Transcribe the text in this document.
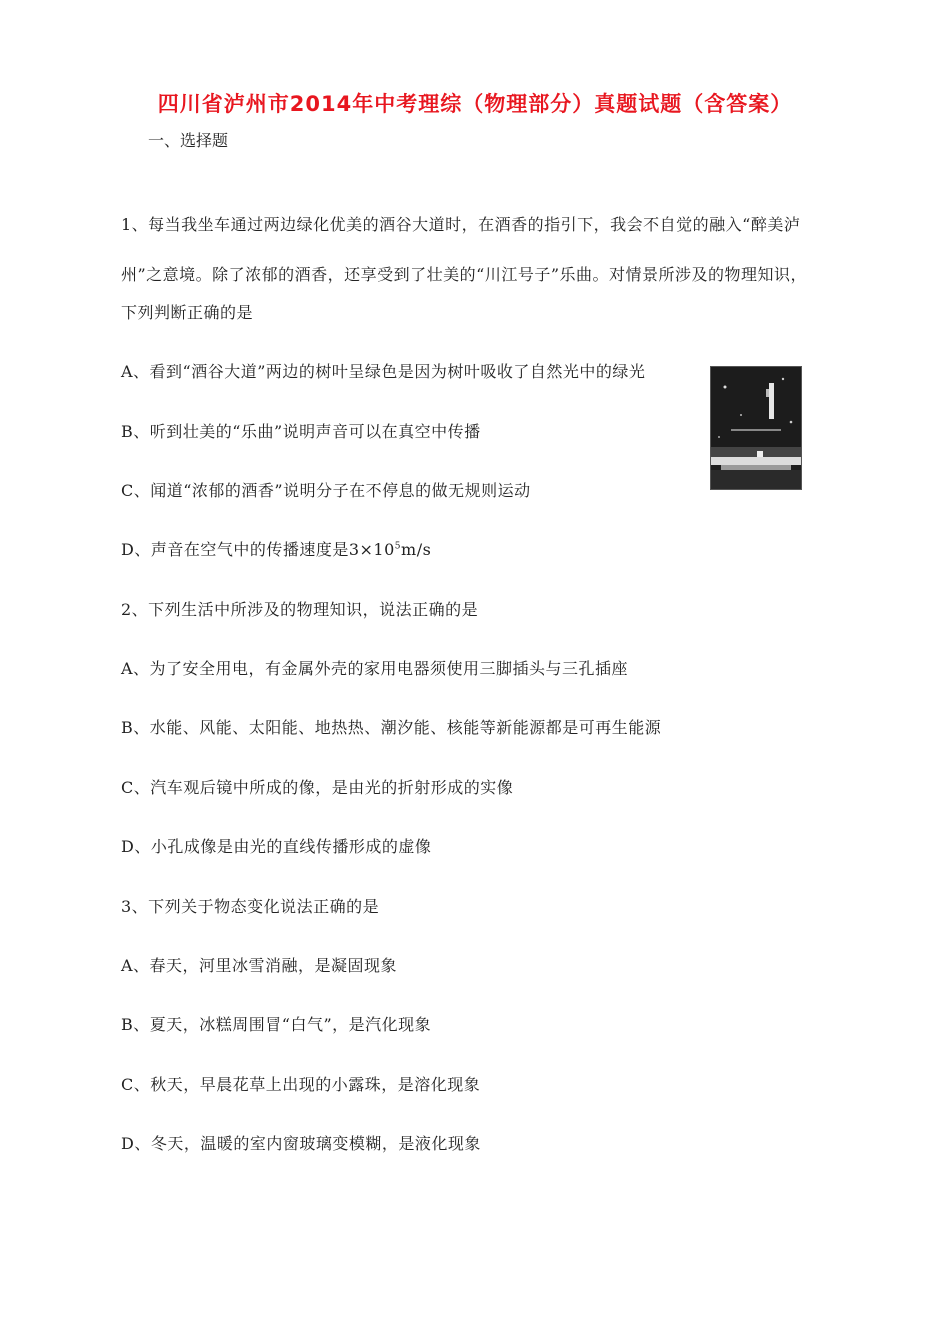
四川省泸州市2014年中考理综（物理部分）真题试题（含答案）
一、选择题
1、每当我坐车通过两边绿化优美的酒谷大道时，在酒香的指引下，我会不自觉的融入“醉美泸
州”之意境。除了浓郁的酒香，还享受到了壮美的“川江号子”乐曲。对情景所涉及的物理知识，
下列判断正确的是
A、看到“酒谷大道”两边的树叶呈绿色是因为树叶吸收了自然光中的绿光
B、听到壮美的“乐曲”说明声音可以在真空中传播
C、闻道“浓郁的酒香”说明分子在不停息的做无规则运动
D、声音在空气中的传播速度是$3\times 10^5m/s$
2、下列生活中所涉及的物理知识，说法正确的是
A、为了安全用电，有金属外壳的家用电器须使用三脚插头与三孔插座
B、水能、风能、太阳能、地热热、潮汐能、核能等新能源都是可再生能源
C、汽车观后镜中所成的像，是由光的折射形成的实像
D、小孔成像是由光的直线传播形成的虚像
3、下列关于物态变化说法正确的是
A、春天，河里冰雪消融，是凝固现象
B、夏天，冰糕周围冒“白气”，是汽化现象
C、秋天，早晨花草上出现的小露珠，是溶化现象
D、冬天，温暖的室内窗玻璃变模糊，是液化现象
